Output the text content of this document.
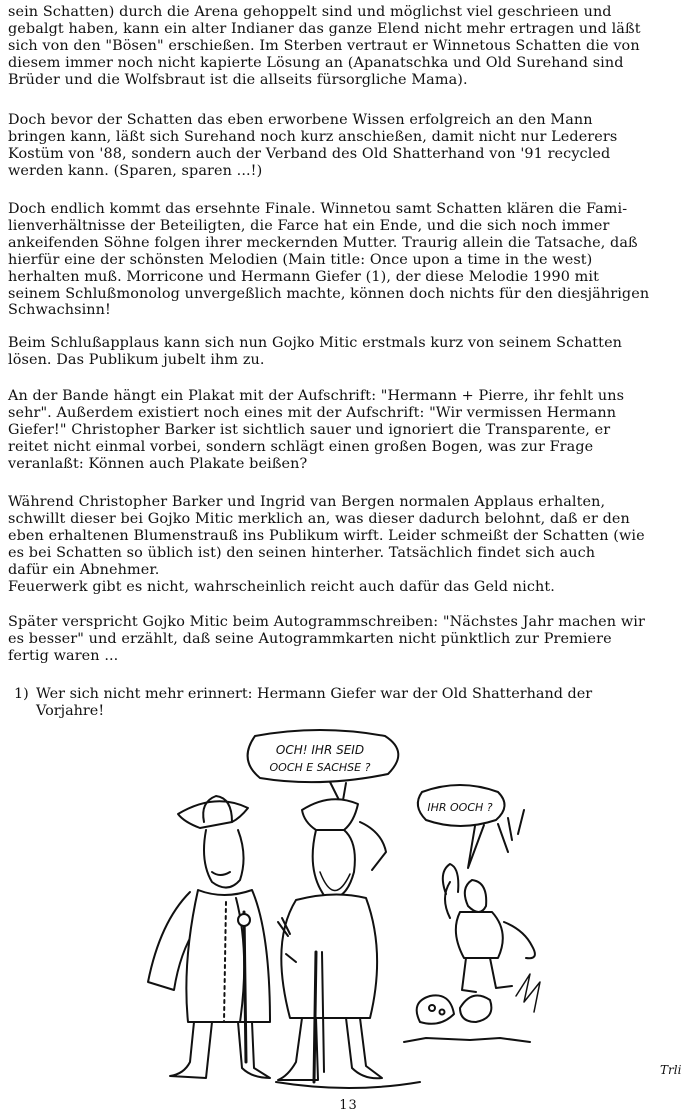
sein Schatten) durch die Arena gehoppelt sind und möglichst viel geschrieen und
gebalgt haben, kann ein alter Indianer das ganze Elend nicht mehr ertragen und läßt
sich von den "Bösen" erschießen. Im Sterben vertraut er Winnetous Schatten die von
diesem immer noch nicht kapierte Lösung an (Apanatschka und Old Surehand sind
Brüder und die Wolfsbraut ist die allseits fürsorgliche Mama).
Doch bevor der Schatten das eben erworbene Wissen erfolgreich an den Mann
bringen kann, läßt sich Surehand noch kurz anschießen, damit nicht nur Lederers
Kostüm von '88, sondern auch der Verband des Old Shatterhand von '91 recycled
werden kann. (Sparen, sparen ...!)
Doch endlich kommt das ersehnte Finale. Winnetou samt Schatten klären die Fami-
lienverhältnisse der Beteiligten, die Farce hat ein Ende, und die sich noch immer
ankeifenden Söhne folgen ihrer meckernden Mutter. Traurig allein die Tatsache, daß
hierfür eine der schönsten Melodien (Main title: Once upon a time in the west)
herhalten muß. Morricone und Hermann Giefer (1), der diese Melodie 1990 mit
seinem Schlußmonolog unvergeßlich machte, können doch nichts für den diesjährigen
Schwachsinn!
Beim Schlußapplaus kann sich nun Gojko Mitic erstmals kurz von seinem Schatten
lösen. Das Publikum jubelt ihm zu.
An der Bande hängt ein Plakat mit der Aufschrift: "Hermann + Pierre, ihr fehlt uns
sehr". Außerdem existiert noch eines mit der Aufschrift: "Wir vermissen Hermann
Giefer!" Christopher Barker ist sichtlich sauer und ignoriert die Transparente, er
reitet nicht einmal vorbei, sondern schlägt einen großen Bogen, was zur Frage
veranlaßt: Können auch Plakate beißen?
Während Christopher Barker und Ingrid van Bergen normalen Applaus erhalten,
schwillt dieser bei Gojko Mitic merklich an, was dieser dadurch belohnt, daß er den
eben erhaltenen Blumenstrauß ins Publikum wirft. Leider schmeißt der Schatten (wie
es bei Schatten so üblich ist) den seinen hinterher. Tatsächlich findet sich auch
dafür ein Abnehmer.
Feuerwerk gibt es nicht, wahrscheinlich reicht auch dafür das Geld nicht.
Später verspricht Gojko Mitic beim Autogrammschreiben: "Nächstes Jahr machen wir
es besser" und erzählt, daß seine Autogrammkarten nicht pünktlich zur Premiere
fertig waren ...
1) Wer sich nicht mehr erinnert: Hermann Giefer war der Old Shatterhand der
Vorjahre!
OCH! IHR SEID
OOCH E SACHSE ?
IHR OOCH ?
Trli
13
